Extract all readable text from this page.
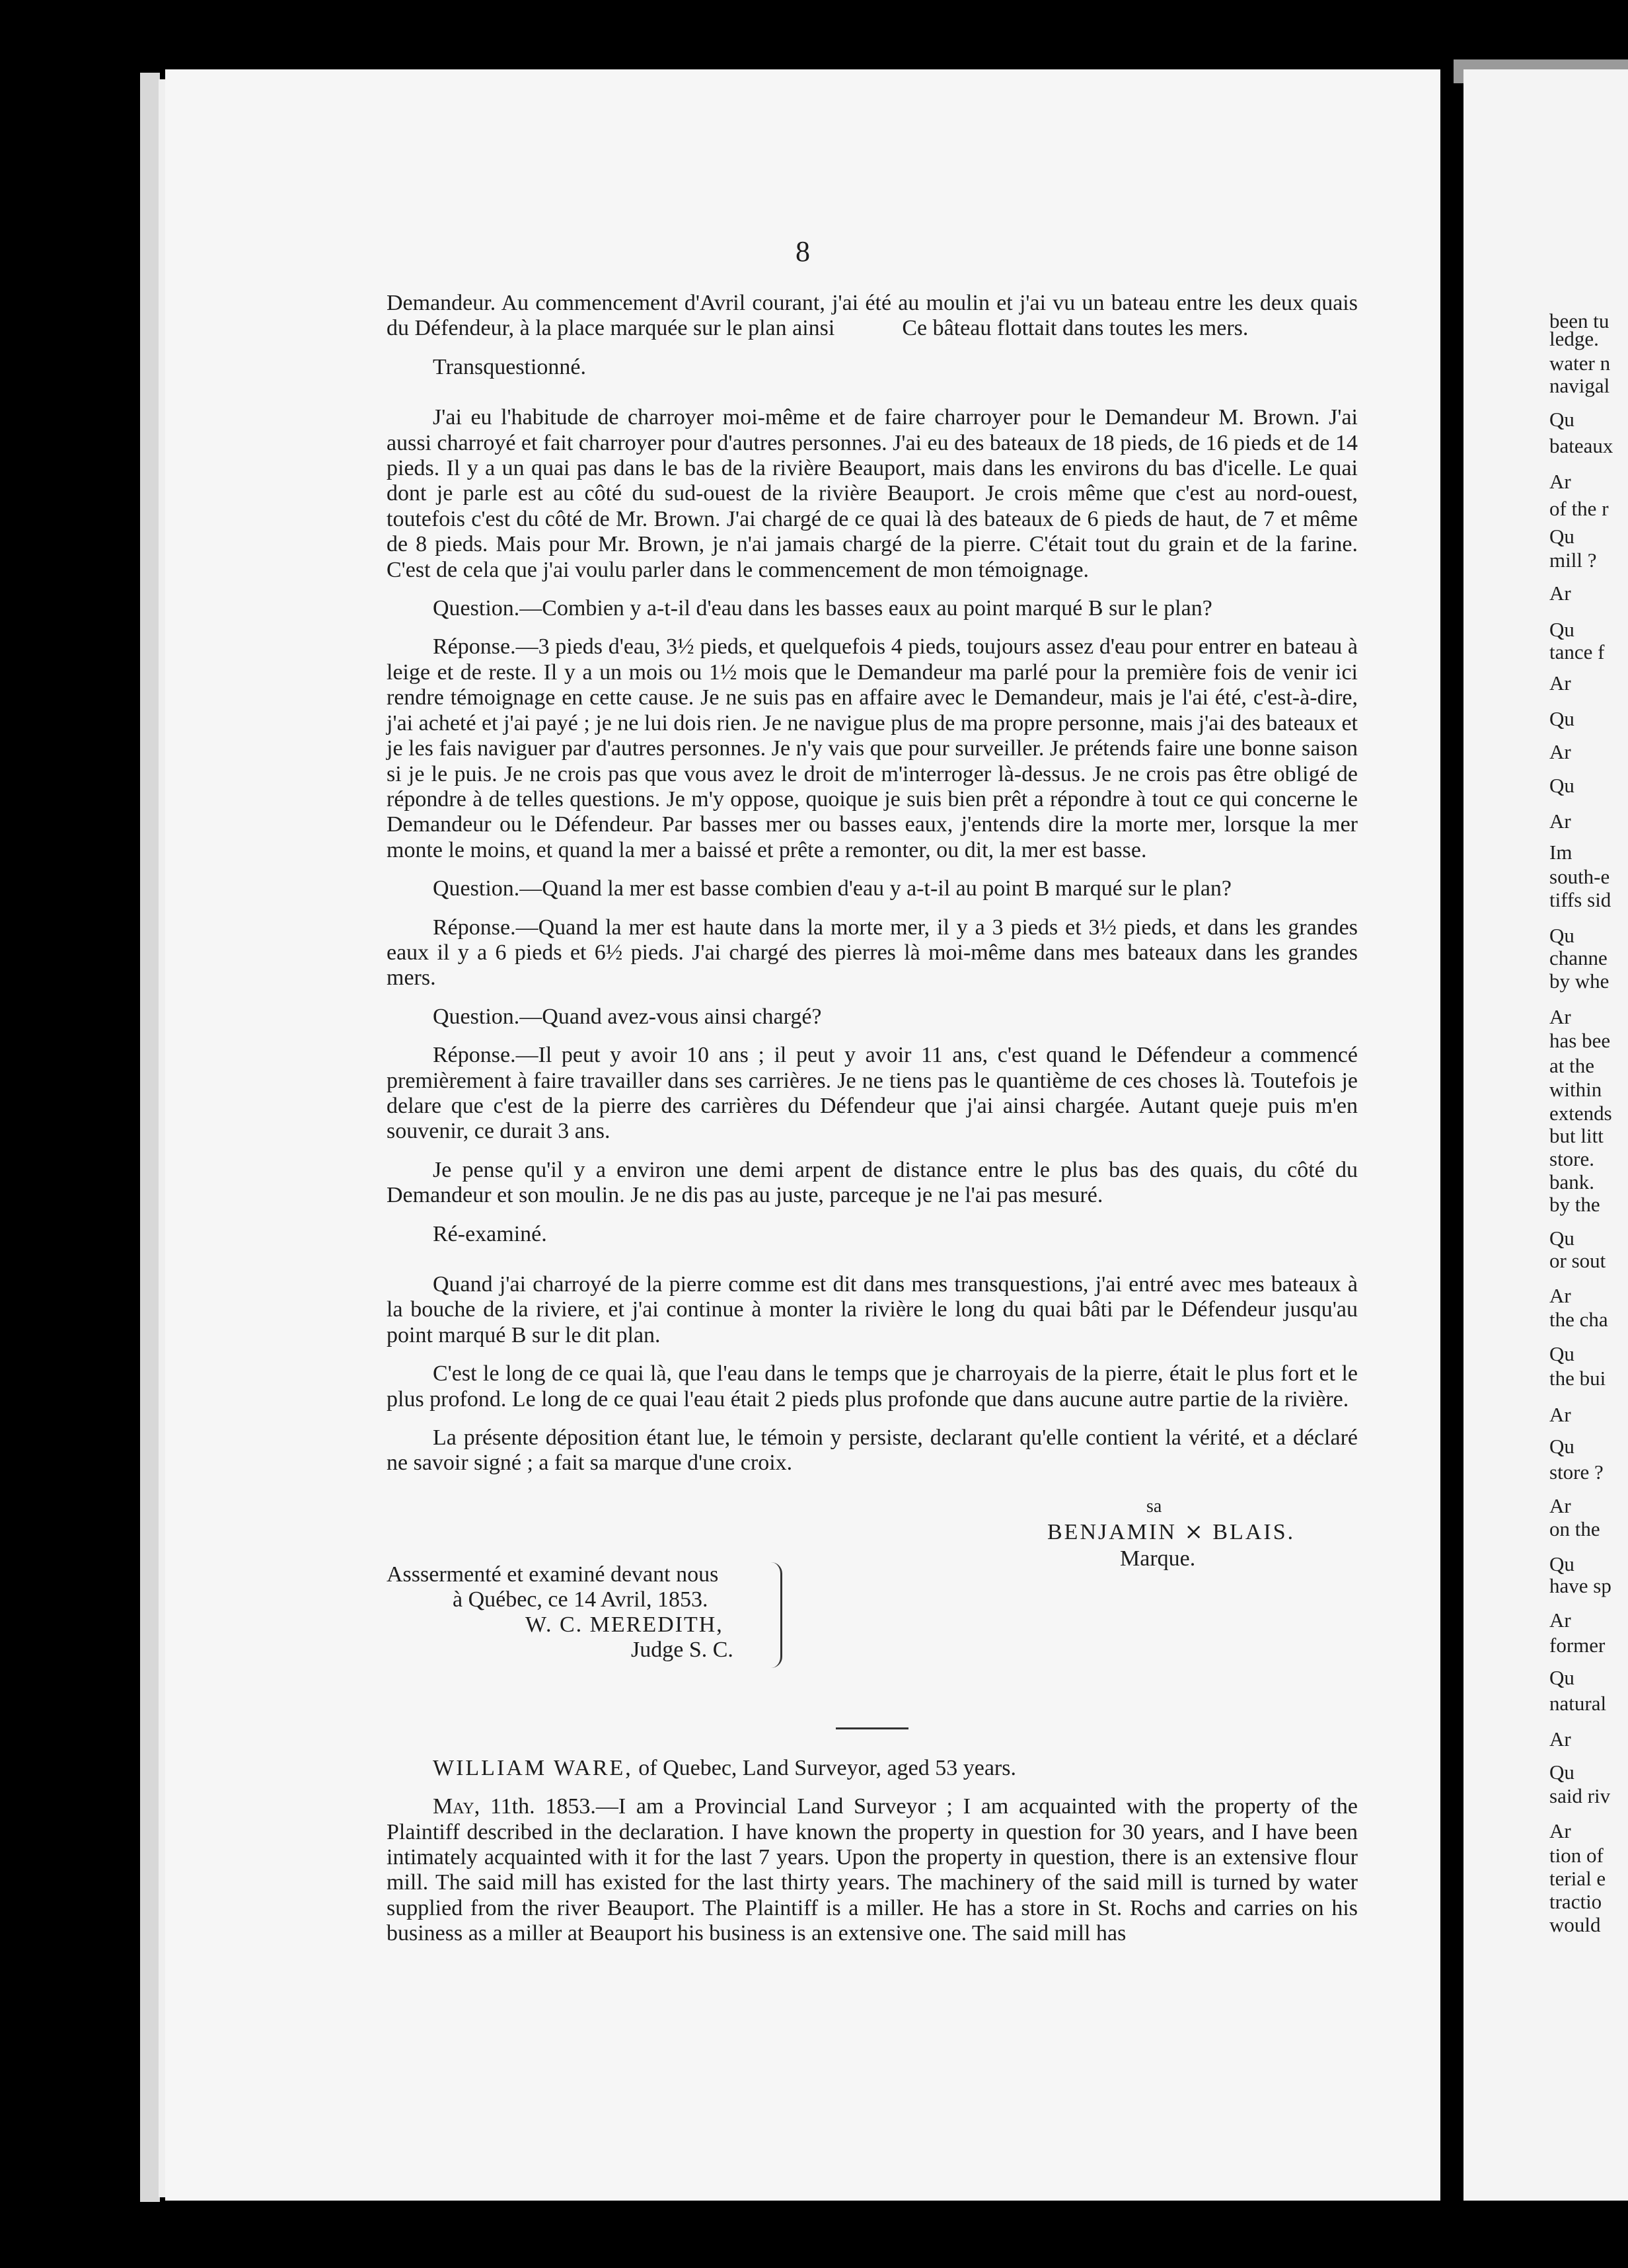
8

Demandeur. Au commencement d'Avril courant, j'ai été au moulin et j'ai vu un bateau entre les deux quais du Défendeur, à la place marquée sur le plan ainsi            Ce bâteau flottait dans toutes les mers.

Transquestionné.

J'ai eu l'habitude de charroyer moi-même et de faire charroyer pour le Demandeur M. Brown. J'ai aussi charroyé et fait charroyer pour d'autres personnes. J'ai eu des bateaux de 18 pieds, de 16 pieds et de 14 pieds. Il y a un quai pas dans le bas de la rivière Beauport, mais dans les environs du bas d'icelle. Le quai dont je parle est au côté du sud-ouest de la rivière Beauport. Je crois même que c'est au nord-ouest, toutefois c'est du côté de Mr. Brown. J'ai chargé de ce quai là des bateaux de 6 pieds de haut, de 7 et même de 8 pieds. Mais pour Mr. Brown, je n'ai jamais chargé de la pierre. C'était tout du grain et de la farine. C'est de cela que j'ai voulu parler dans le commencement de mon témoignage.

Question.—Combien y a-t-il d'eau dans les basses eaux au point marqué B sur le plan?

Réponse.—3 pieds d'eau, 3½ pieds, et quelquefois 4 pieds, toujours assez d'eau pour entrer en bateau à leige et de reste. Il y a un mois ou 1½ mois que le Demandeur ma parlé pour la première fois de venir ici rendre témoignage en cette cause. Je ne suis pas en affaire avec le Demandeur, mais je l'ai été, c'est-à-dire, j'ai acheté et j'ai payé ; je ne lui dois rien. Je ne navigue plus de ma propre personne, mais j'ai des bateaux et je les fais naviguer par d'autres personnes. Je n'y vais que pour surveiller. Je prétends faire une bonne saison si je le puis. Je ne crois pas que vous avez le droit de m'interroger là-dessus. Je ne crois pas être obligé de répondre à de telles questions. Je m'y oppose, quoique je suis bien prêt a répondre à tout ce qui concerne le Demandeur ou le Défendeur. Par basses mer ou basses eaux, j'entends dire la morte mer, lorsque la mer monte le moins, et quand la mer a baissé et prête a remonter, ou dit, la mer est basse.

Question.—Quand la mer est basse combien d'eau y a-t-il au point B marqué sur le plan?

Réponse.—Quand la mer est haute dans la morte mer, il y a 3 pieds et 3½ pieds, et dans les grandes eaux il y a 6 pieds et 6½ pieds. J'ai chargé des pierres là moi-même dans mes bateaux dans les grandes mers.

Question.—Quand avez-vous ainsi chargé?

Réponse.—Il peut y avoir 10 ans ; il peut y avoir 11 ans, c'est quand le Défendeur a commencé premièrement à faire travailler dans ses carrières. Je ne tiens pas le quantième de ces choses là. Toutefois je delare que c'est de la pierre des carrières du Défendeur que j'ai ainsi chargée. Autant queje puis m'en souvenir, ce durait 3 ans.

Je pense qu'il y a environ une demi arpent de distance entre le plus bas des quais, du côté du Demandeur et son moulin. Je ne dis pas au juste, parceque je ne l'ai pas mesuré.

Ré-examiné.

Quand j'ai charroyé de la pierre comme est dit dans mes transquestions, j'ai entré avec mes bateaux à la bouche de la riviere, et j'ai continue à monter la rivière le long du quai bâti par le Défendeur jusqu'au point marqué B sur le dit plan.

C'est le long de ce quai là, que l'eau dans le temps que je charroyais de la pierre, était le plus fort et le plus profond. Le long de ce quai l'eau était 2 pieds plus profonde que dans aucune autre partie de la rivière.

La présente déposition étant lue, le témoin y persiste, declarant qu'elle contient la vérité, et a déclaré ne savoir signé ; a fait sa marque d'une croix.

sa
BENJAMIN ⨯ BLAIS.
Marque.
Asssermenté et examiné devant nous
à Québec, ce 14 Avril, 1853.
W. C. MEREDITH,
Judge S. C.

WILLIAM WARE, of Quebec, Land Surveyor, aged 53 years.

May, 11th. 1853.—I am a Provincial Land Surveyor ; I am acquainted with the property of the Plaintiff described in the declaration. I have known the property in question for 30 years, and I have been intimately acquainted with it for the last 7 years. Upon the property in question, there is an extensive flour mill. The said mill has existed for the last thirty years. The machinery of the said mill is turned by water supplied from the river Beauport. The Plaintiff is a miller. He has a store in St. Rochs and carries on his business as a miller at Beauport his business is an extensive one. The said mill has

been tu
ledge.
water n
navigal
Qu
bateaux
Ar
of the r
Qu
mill ?
Ar
Qu
tance f
Ar
Qu
Ar
Qu
Ar
Im
south-e
tiffs sid
Qu
channe
by whe
Ar
has bee
at the
within
extends
but litt
store.
bank.
by the
Qu
or sout
Ar
the cha
Qu
the bui
Ar
Qu
store ?
Ar
on the
Qu
have sp
Ar
former
Qu
natural
Ar
Qu
said riv
Ar
tion of
terial e
tractio
would
